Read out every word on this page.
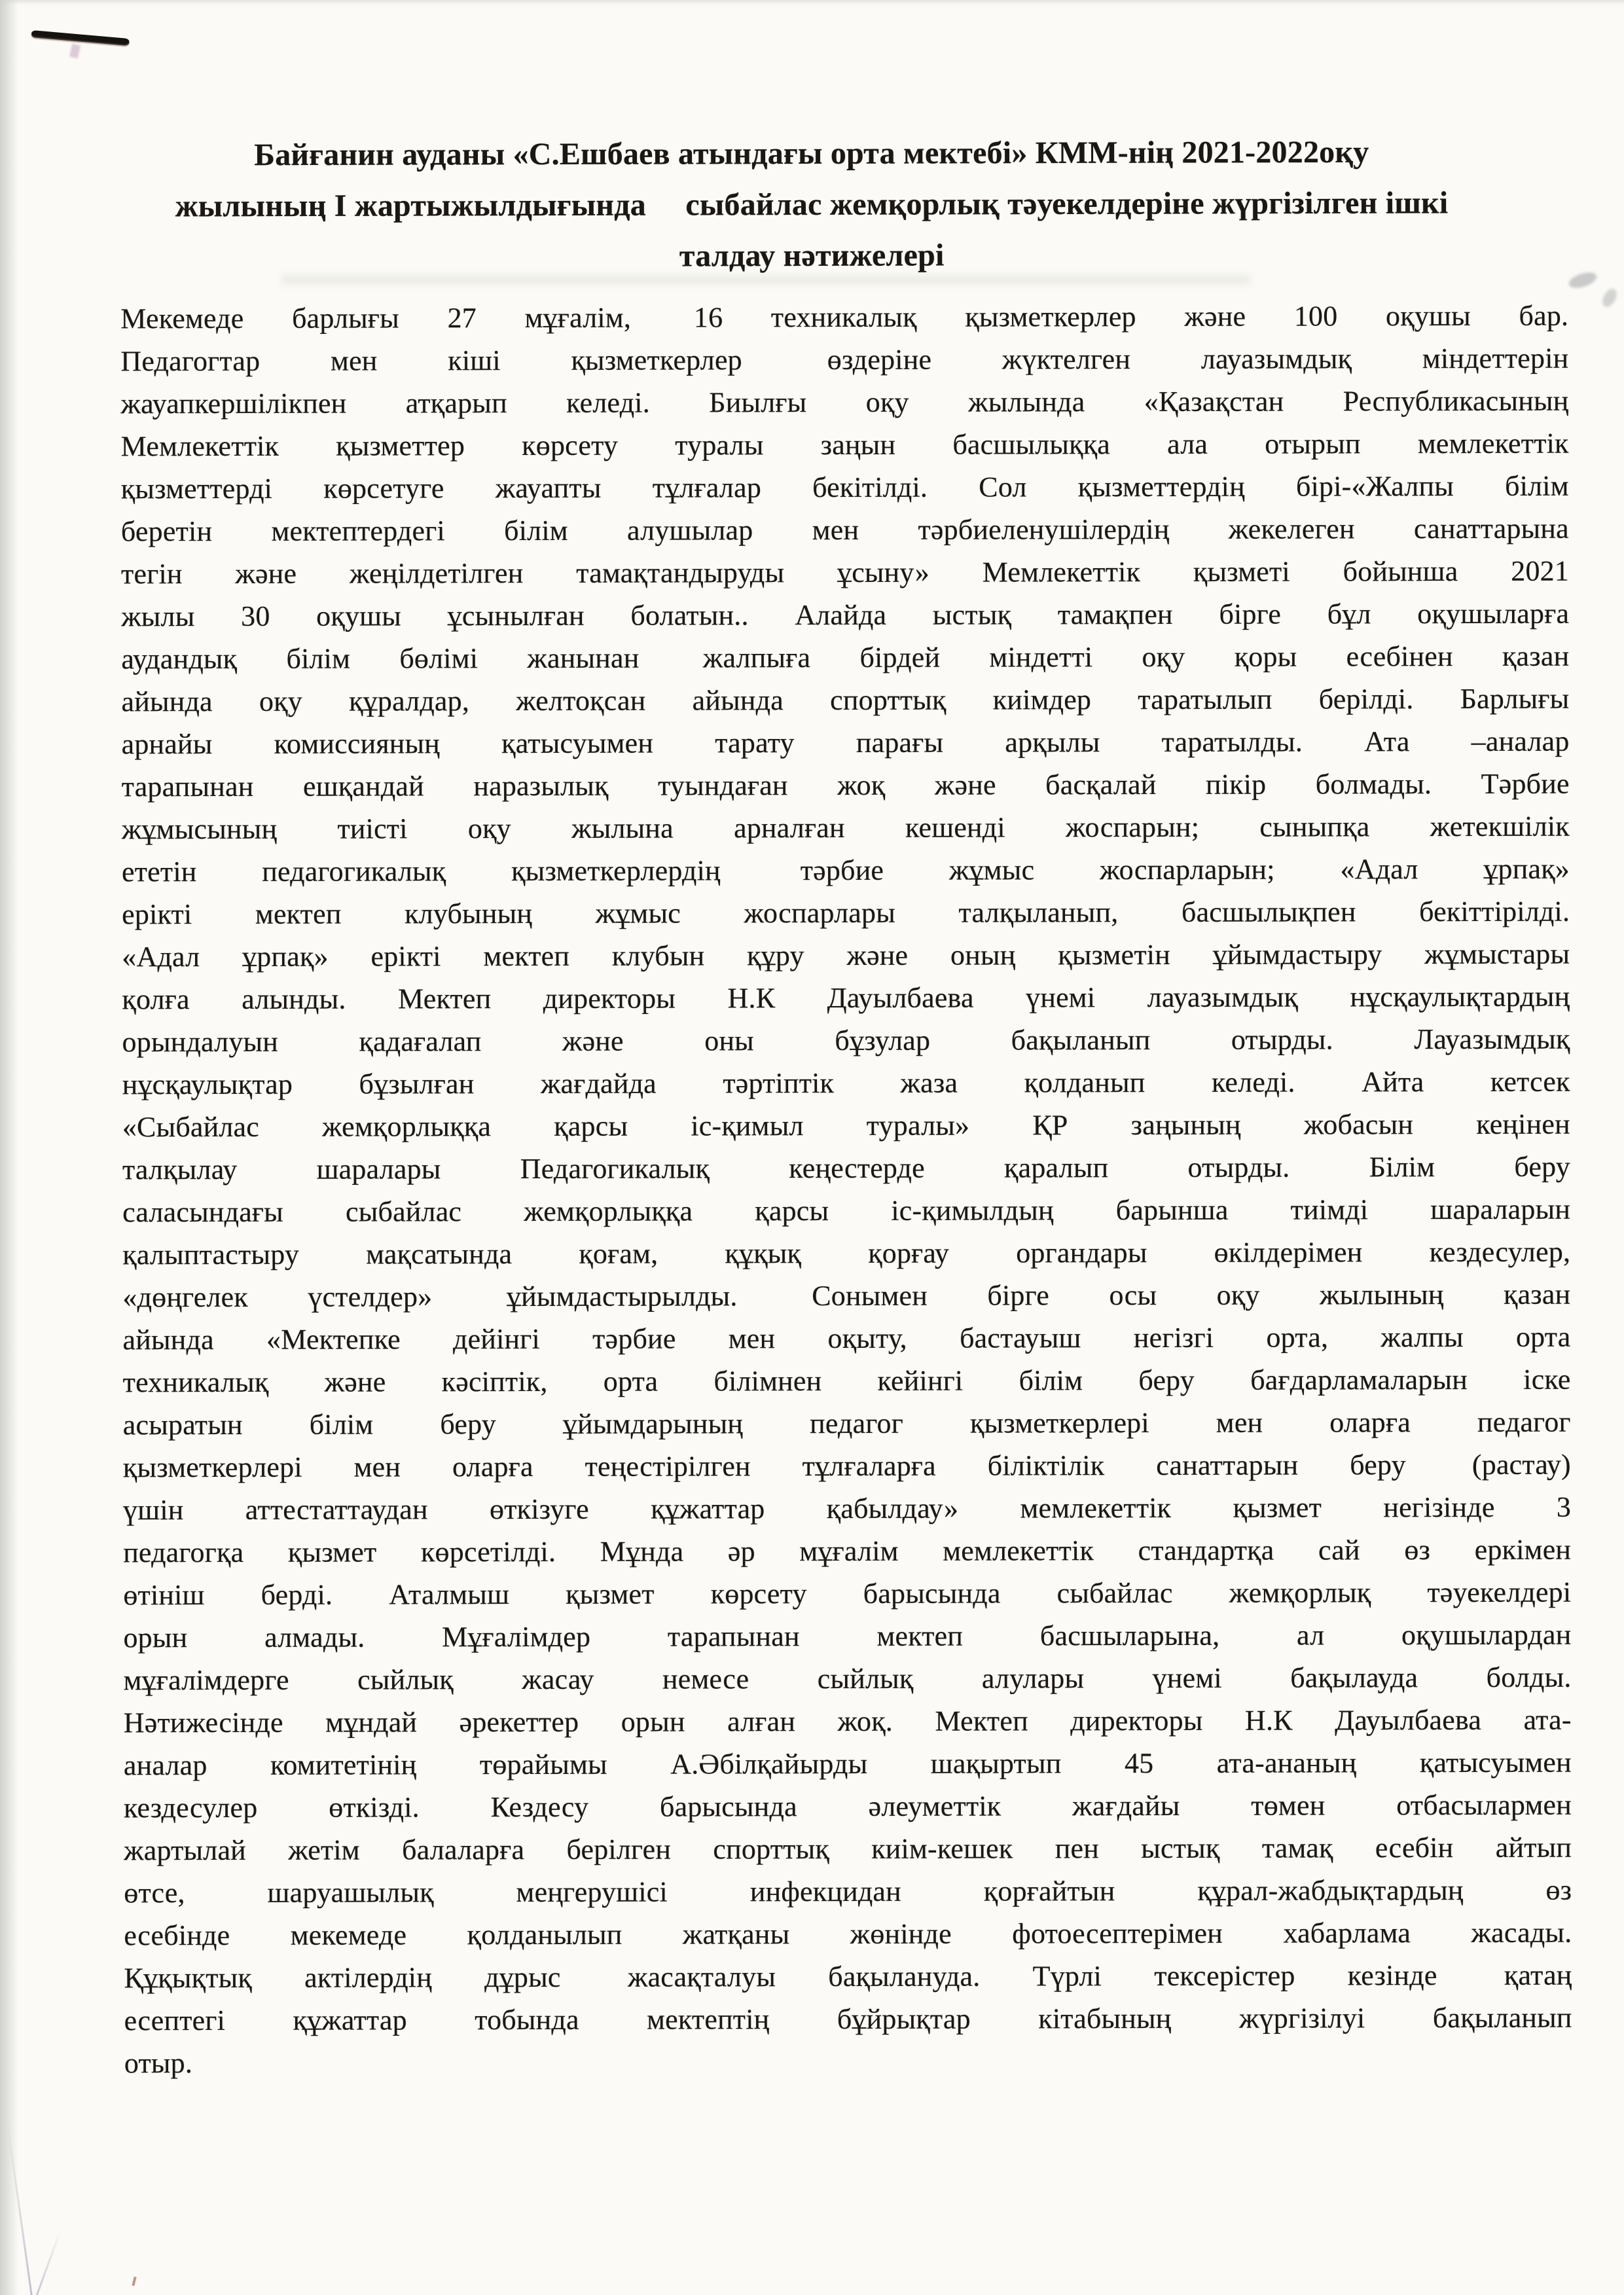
Байғанин ауданы «С.Ешбаев атындағы орта мектебі» КММ-нің 2021-2022оқу
жылының I жартыжылдығында  сыбайлас жемқорлық тәуекелдеріне жүргізілген ішкі
талдау нәтижелері
Мекемеде барлығы 27 мұғалім,  16 техникалық қызметкерлер және 100 оқушы бар.
Педагогтар мен кіші қызметкерлер  өздеріне жүктелген лауазымдық міндеттерін
жауапкершілікпен атқарып келеді. Биылғы оқу жылында «Қазақстан Республикасының
Мемлекеттік қызметтер көрсету туралы заңын басшылыққа ала отырып мемлекеттік
қызметтерді көрсетуге жауапты тұлғалар бекітілді. Сол қызметтердің бірі-«Жалпы білім
беретін мектептердегі білім алушылар мен тәрбиеленушілердің жекелеген санаттарына
тегін және жеңілдетілген тамақтандыруды ұсыну» Мемлекеттік қызметі бойынша 2021
жылы 30 оқушы ұсынылған болатын.. Алайда ыстық тамақпен бірге бұл оқушыларға
аудандық білім бөлімі жанынан  жалпыға бірдей міндетті оқу қоры есебінен қазан
айында оқу құралдар, желтоқсан айында спорттық киімдер таратылып берілді. Барлығы
арнайы комиссияның қатысуымен тарату парағы арқылы таратылды. Ата –аналар
тарапынан ешқандай наразылық туындаған жоқ және басқалай пікір болмады. Тәрбие
жұмысының тиісті оқу жылына арналған кешенді жоспарын; сыныпқа жетекшілік
ететін педагогикалық қызметкерлердің  тәрбие жұмыс жоспарларын; «Адал ұрпақ»
ерікті мектеп клубының жұмыс жоспарлары талқыланып, басшылықпен бекіттірілді.
«Адал ұрпақ» ерікті мектеп клубын құру және оның қызметін ұйымдастыру жұмыстары
қолға алынды. Мектеп директоры Н.К Дауылбаева үнемі лауазымдық нұсқаулықтардың
орындалуын қадағалап және оны бұзулар бақыланып отырды. Лауазымдық
нұсқаулықтар бұзылған жағдайда тәртіптік жаза қолданып келеді. Айта кетсек
«Сыбайлас жемқорлыққа қарсы іс-қимыл туралы» ҚР заңының жобасын кеңінен
талқылау шаралары Педагогикалық кеңестерде қаралып отырды. Білім беру
саласындағы сыбайлас жемқорлыққа қарсы іс-қимылдың барынша тиімді шараларын
қалыптастыру мақсатында қоғам, құқық қорғау органдары өкілдерімен кездесулер,
«дөңгелек үстелдер»  ұйымдастырылды.  Сонымен бірге осы оқу жылының қазан
айында «Мектепке дейінгі тәрбие мен оқыту, бастауыш негізгі орта, жалпы орта
техникалық және кәсіптік, орта білімнен кейінгі білім беру бағдарламаларын іске
асыратын білім беру ұйымдарының педагог қызметкерлері мен оларға педагог
қызметкерлері мен оларға теңестірілген тұлғаларға біліктілік санаттарын беру  (растау)
үшін аттестаттаудан өткізуге құжаттар қабылдау» мемлекеттік қызмет негізінде 3
педагогқа қызмет көрсетілді. Мұнда әр мұғалім мемлекеттік стандартқа сай өз еркімен
өтініш берді. Аталмыш қызмет көрсету барысында сыбайлас жемқорлық тәуекелдері
орын алмады. Мұғалімдер тарапынан мектеп басшыларына, ал оқушылардан
мұғалімдерге сыйлық жасау немесе сыйлық алулары үнемі бақылауда болды.
Нәтижесінде мұндай әрекеттер орын алған жоқ. Мектеп директоры Н.К Дауылбаева ата-
аналар комитетінің төрайымы А.Әбілқайырды шақыртып 45 ата-ананың қатысуымен
кездесулер өткізді. Кездесу барысында әлеуметтік жағдайы төмен отбасылармен
жартылай жетім балаларға берілген спорттық киім-кешек пен ыстық тамақ есебін айтып
өтсе, шаруашылық меңгерушісі инфекцидан қорғайтын құрал-жабдықтардың өз
есебінде мекемеде қолданылып жатқаны жөнінде фотоесептерімен хабарлама жасады.
Құқықтық актілердің дұрыс  жасақталуы бақылануда. Түрлі тексерістер кезінде  қатаң
есептегі құжаттар тобында мектептің бұйрықтар кітабының жүргізілуі бақыланып
отыр.
